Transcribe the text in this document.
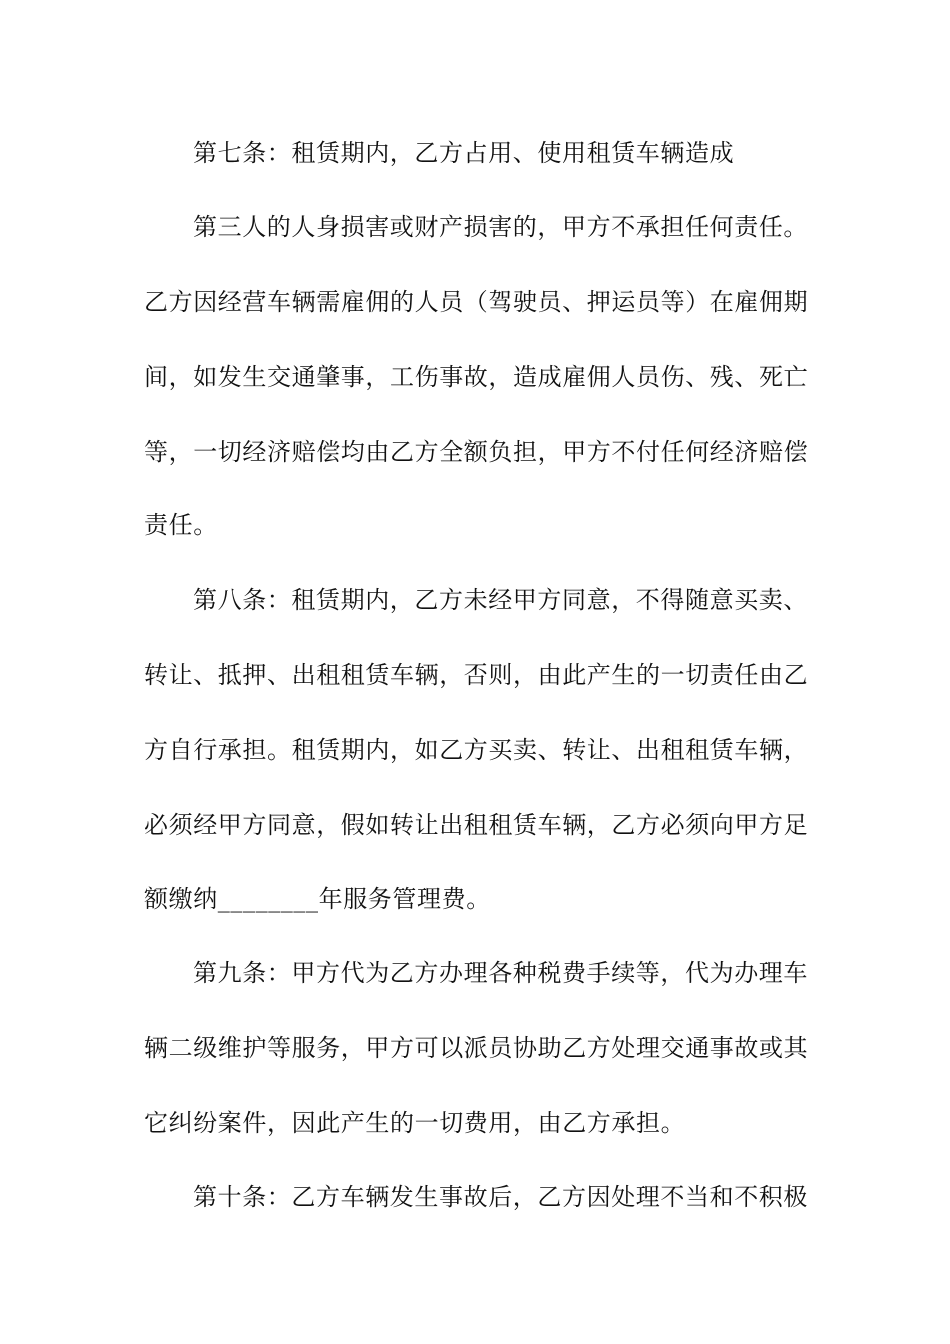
第七条：租赁期内，乙方占用、使用租赁车辆造成
第三人的人身损害或财产损害的，甲方不承担任何责任。
乙方因经营车辆需雇佣的人员（驾驶员、押运员等）在雇佣期
间，如发生交通肇事，工伤事故，造成雇佣人员伤、残、死亡
等，一切经济赔偿均由乙方全额负担，甲方不付任何经济赔偿
责任。
第八条：租赁期内，乙方未经甲方同意，不得随意买卖、
转让、抵押、出租租赁车辆，否则，由此产生的一切责任由乙
方自行承担。租赁期内，如乙方买卖、转让、出租租赁车辆，
必须经甲方同意，假如转让出租租赁车辆，乙方必须向甲方足
额缴纳________年服务管理费。
第九条：甲方代为乙方办理各种税费手续等，代为办理车
辆二级维护等服务，甲方可以派员协助乙方处理交通事故或其
它纠纷案件，因此产生的一切费用，由乙方承担。
第十条：乙方车辆发生事故后，乙方因处理不当和不积极
